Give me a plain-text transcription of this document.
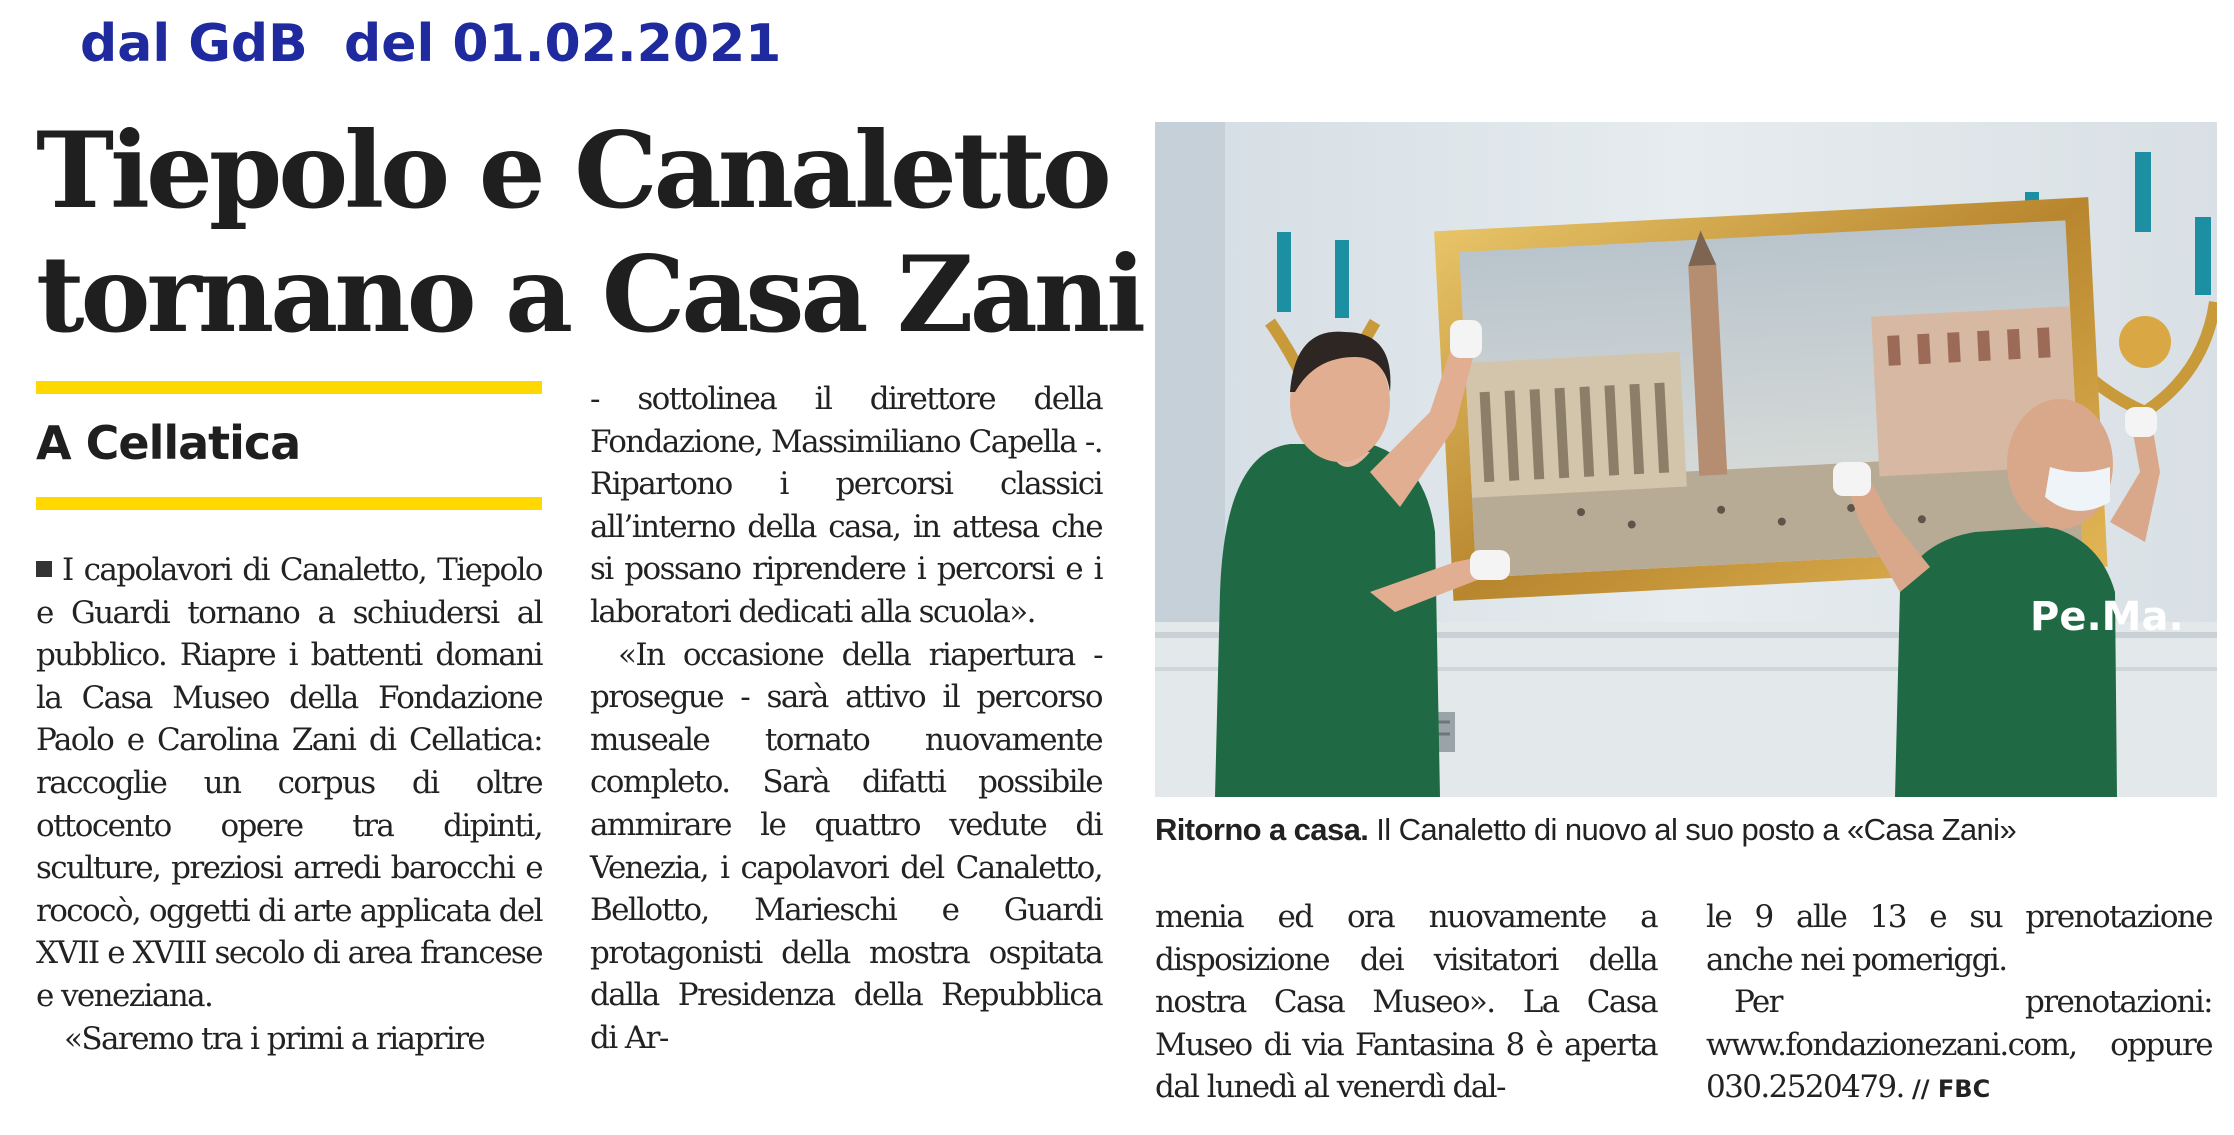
dal GdB  del 01.02.2021
Tiepolo e Canaletto
tornano a Casa Zani
A Cellatica

I capolavori di Canaletto, Tiepolo e Guardi tornano a schiudersi al pubblico. Riapre i battenti domani la Casa Museo della Fondazione Paolo e Carolina Zani di Cellatica: raccoglie un corpus di oltre ottocento opere tra dipinti, sculture, preziosi arredi barocchi e rococò, oggetti di arte applicata del XVII e XVIII secolo di area francese e veneziana.

«Saremo tra i primi a riaprire

- sottolinea il direttore della Fondazione, Massimiliano Capella -. Ripartono i percorsi classici all’interno della casa, in attesa che si possano riprendere i percorsi e i laboratori dedicati alla scuola».

«In occasione della riapertura - prosegue - sarà attivo il percorso museale tornato nuovamente completo. Sarà difatti possibile ammirare le quattro vedute di Venezia, i capolavori del Canaletto, Bellotto, Marieschi e Guardi protagonisti della mostra ospitata dalla Presidenza della Repubblica di Ar-

menia ed ora nuovamente a disposizione dei visitatori della nostra Casa Museo». La Casa Museo di via Fantasina 8 è aperta dal lunedì al venerdì dal-

le 9 alle 13 e su prenotazione anche nei pomeriggi.

Per prenotazioni: www.fondazionezani.com, oppure 030.2520479. // FBC

Pe.Ma.

Ritorno a casa. Il Canaletto di nuovo al suo posto a «Casa Zani»
